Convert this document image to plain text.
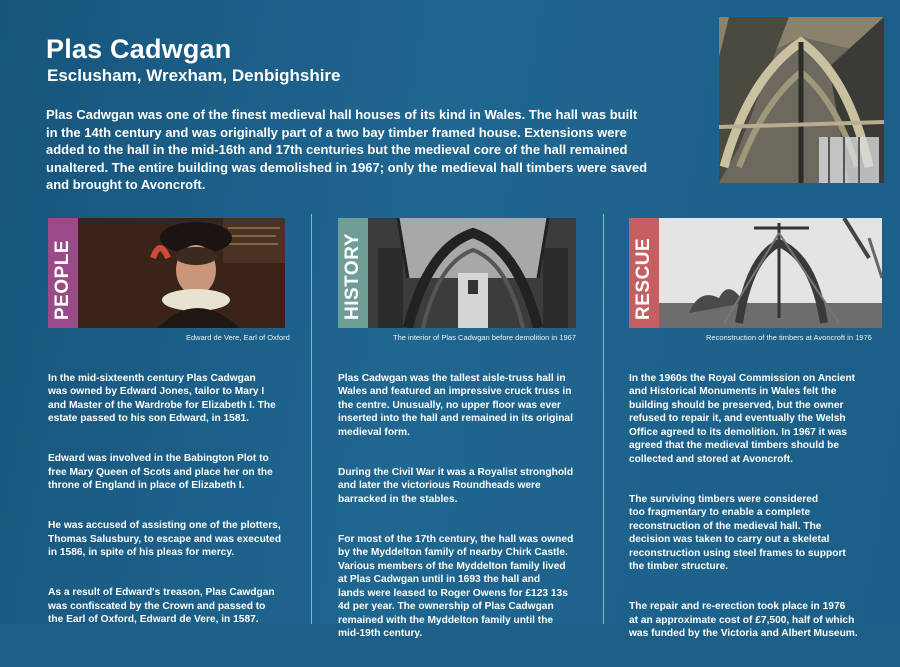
Plas Cadwgan
Esclusham, Wrexham, Denbighshire
Plas Cadwgan was one of the finest medieval hall houses of its kind in Wales. The hall was built
in the 14th century and was originally part of a two bay timber framed house. Extensions were
added to the hall in the mid-16th and 17th centuries but the medieval core of the hall remained
unaltered. The entire building was demolished in 1967; only the medieval hall timbers were saved
and brought to Avoncroft.
PEOPLE
Edward de Vere, Earl of Oxford
HISTORY
The interior of Plas Cadwgan before demolition in 1967
RESCUE
Reconstruction of the timbers at Avoncroft in 1976

In the mid-sixteenth century Plas Cadwgan
was owned by Edward Jones, tailor to Mary I
and Master of the Wardrobe for Elizabeth I. The
estate passed to his son Edward, in 1581.

Edward was involved in the Babington Plot to
free Mary Queen of Scots and place her on the
throne of England in place of Elizabeth I.

He was accused of assisting one of the plotters,
Thomas Salusbury, to escape and was executed
in 1586, in spite of his pleas for mercy.

As a result of Edward's treason, Plas Cawdgan
was confiscated by the Crown and passed to
the Earl of Oxford, Edward de Vere, in 1587.

Plas Cadwgan was the tallest aisle-truss hall in
Wales and featured an impressive cruck truss in
the centre. Unusually, no upper floor was ever
inserted into the hall and remained in its original
medieval form.

During the Civil War it was a Royalist stronghold
and later the victorious Roundheads were
barracked in the stables.

For most of the 17th century, the hall was owned
by the Myddelton family of nearby Chirk Castle.
Various members of the Myddelton family lived
at Plas Cadwgan until in 1693 the hall and
lands were leased to Roger Owens for £123 13s
4d per year. The ownership of Plas Cadwgan
remained with the Myddelton family until the
mid-19th century.

In the 1960s the Royal Commission on Ancient
and Historical Monuments in Wales felt the
building should be preserved, but the owner
refused to repair it, and eventually the Welsh
Office agreed to its demolition. In 1967 it was
agreed that the medieval timbers should be
collected and stored at Avoncroft.

The surviving timbers were considered
too fragmentary to enable a complete
reconstruction of the medieval hall. The
decision was taken to carry out a skeletal
reconstruction using steel frames to support
the timber structure.

The repair and re-erection took place in 1976
at an approximate cost of £7,500, half of which
was funded by the Victoria and Albert Museum.
